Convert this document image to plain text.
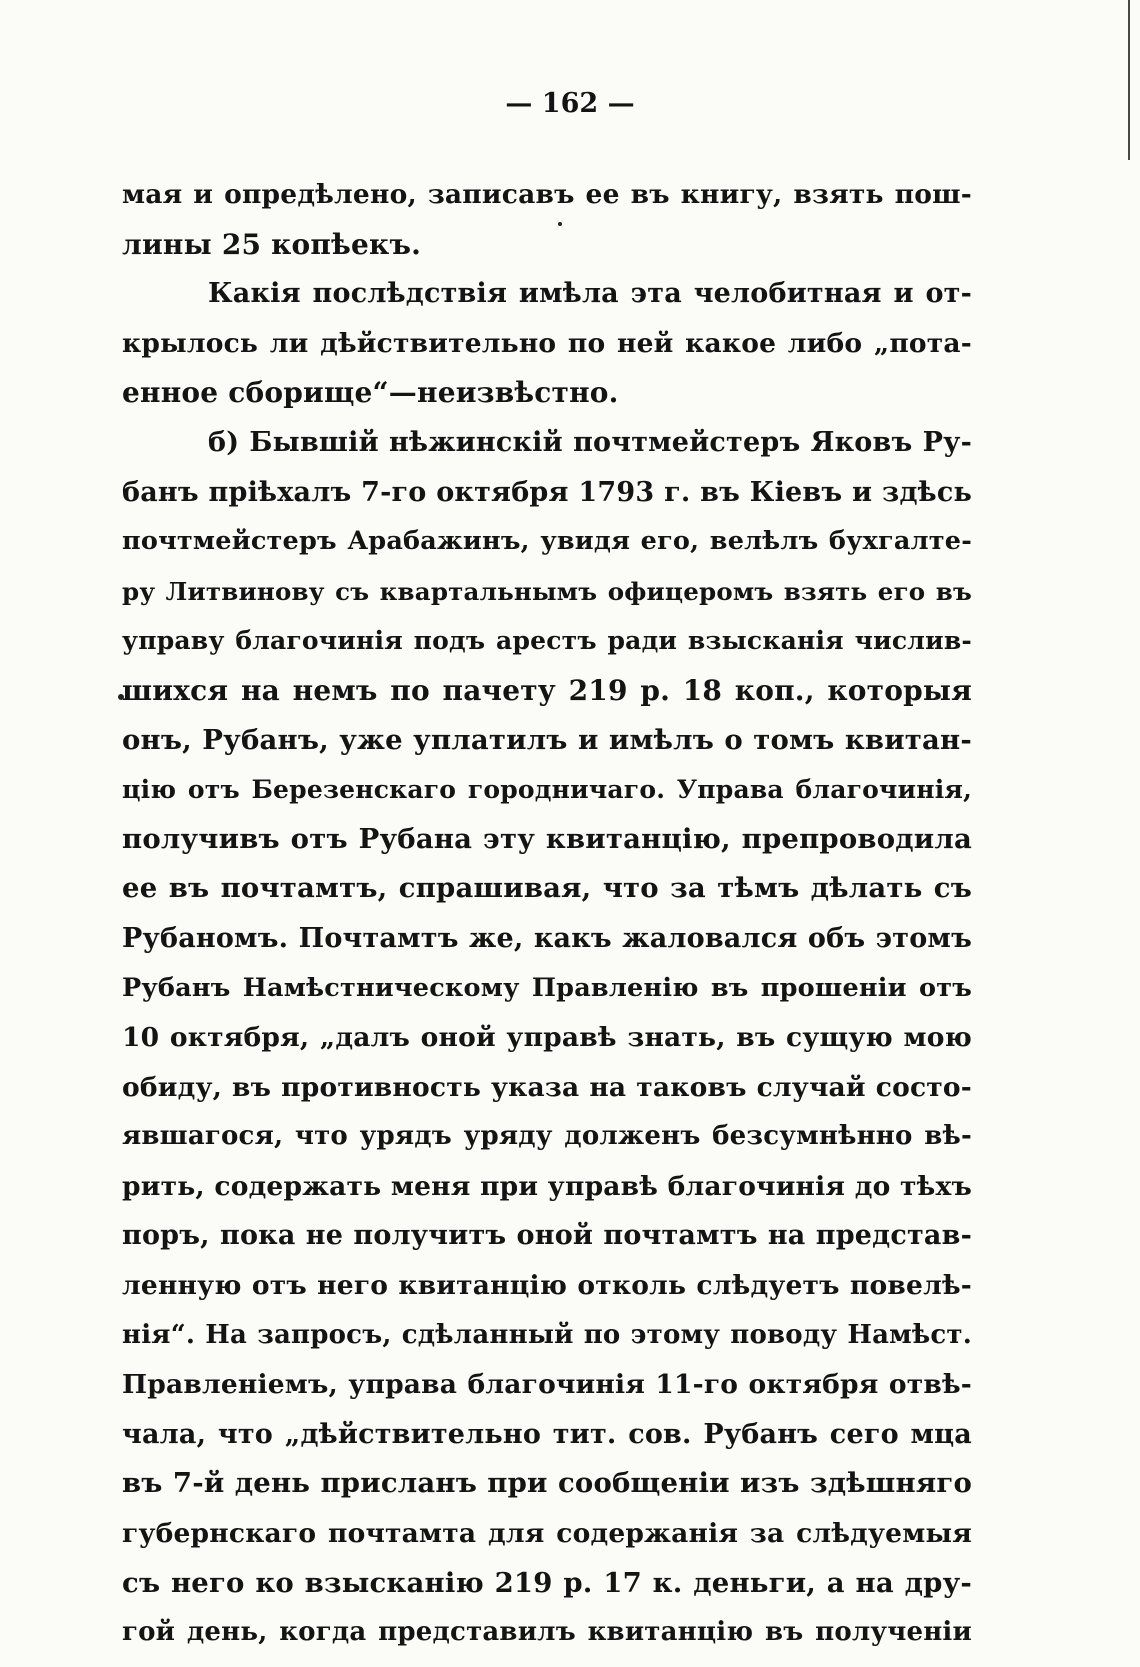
— 162 —
мая и опредѣлено, записавъ ее въ книгу, взять пош-
лины 25 копѣекъ.
Какія послѣдствія имѣла эта челобитная и от-
крылось ли дѣйствительно по ней какое либо „пота-
енное сборище“—неизвѣстно.
б) Бывшій нѣжинскій почтмейстеръ Яковъ Ру-
банъ пріѣхалъ 7-го октября 1793 г. въ Кіевъ и здѣсь
почтмейстеръ Арабажинъ, увидя его, велѣлъ бухгалте-
ру Литвинову съ квартальнымъ офицеромъ взять его въ
управу благочинія подъ арестъ ради взысканія числив-
шихся на немъ по пачету 219 р. 18 коп., которыя
онъ, Рубанъ, уже уплатилъ и имѣлъ о томъ квитан-
цію отъ Березенскаго городничаго. Управа благочинія,
получивъ отъ Рубана эту квитанцію, препроводила
ее въ почтамтъ, спрашивая, что за тѣмъ дѣлать съ
Рубаномъ. Почтамтъ же, какъ жаловался объ этомъ
Рубанъ Намѣстническому Правленію въ прошеніи отъ
10 октября, „далъ оной управѣ знать, въ сущую мою
обиду, въ противность указа на таковъ случай состо-
явшагося, что урядъ уряду долженъ безсумнѣнно вѣ-
рить, содержать меня при управѣ благочинія до тѣхъ
поръ, пока не получитъ оной почтамтъ на представ-
ленную отъ него квитанцію отколь слѣдуетъ повелѣ-
нія“. На запросъ, сдѣланный по этому поводу Намѣст.
Правленіемъ, управа благочинія 11-го октября отвѣ-
чала, что „дѣйствительно тит. сов. Рубанъ сего мца
въ 7-й день присланъ при сообщеніи изъ здѣшняго
губернскаго почтамта для содержанія за слѣдуемыя
съ него ко взысканію 219 р. 17 к. деньги, а на дру-
гой день, когда представилъ квитанцію въ полученіи
